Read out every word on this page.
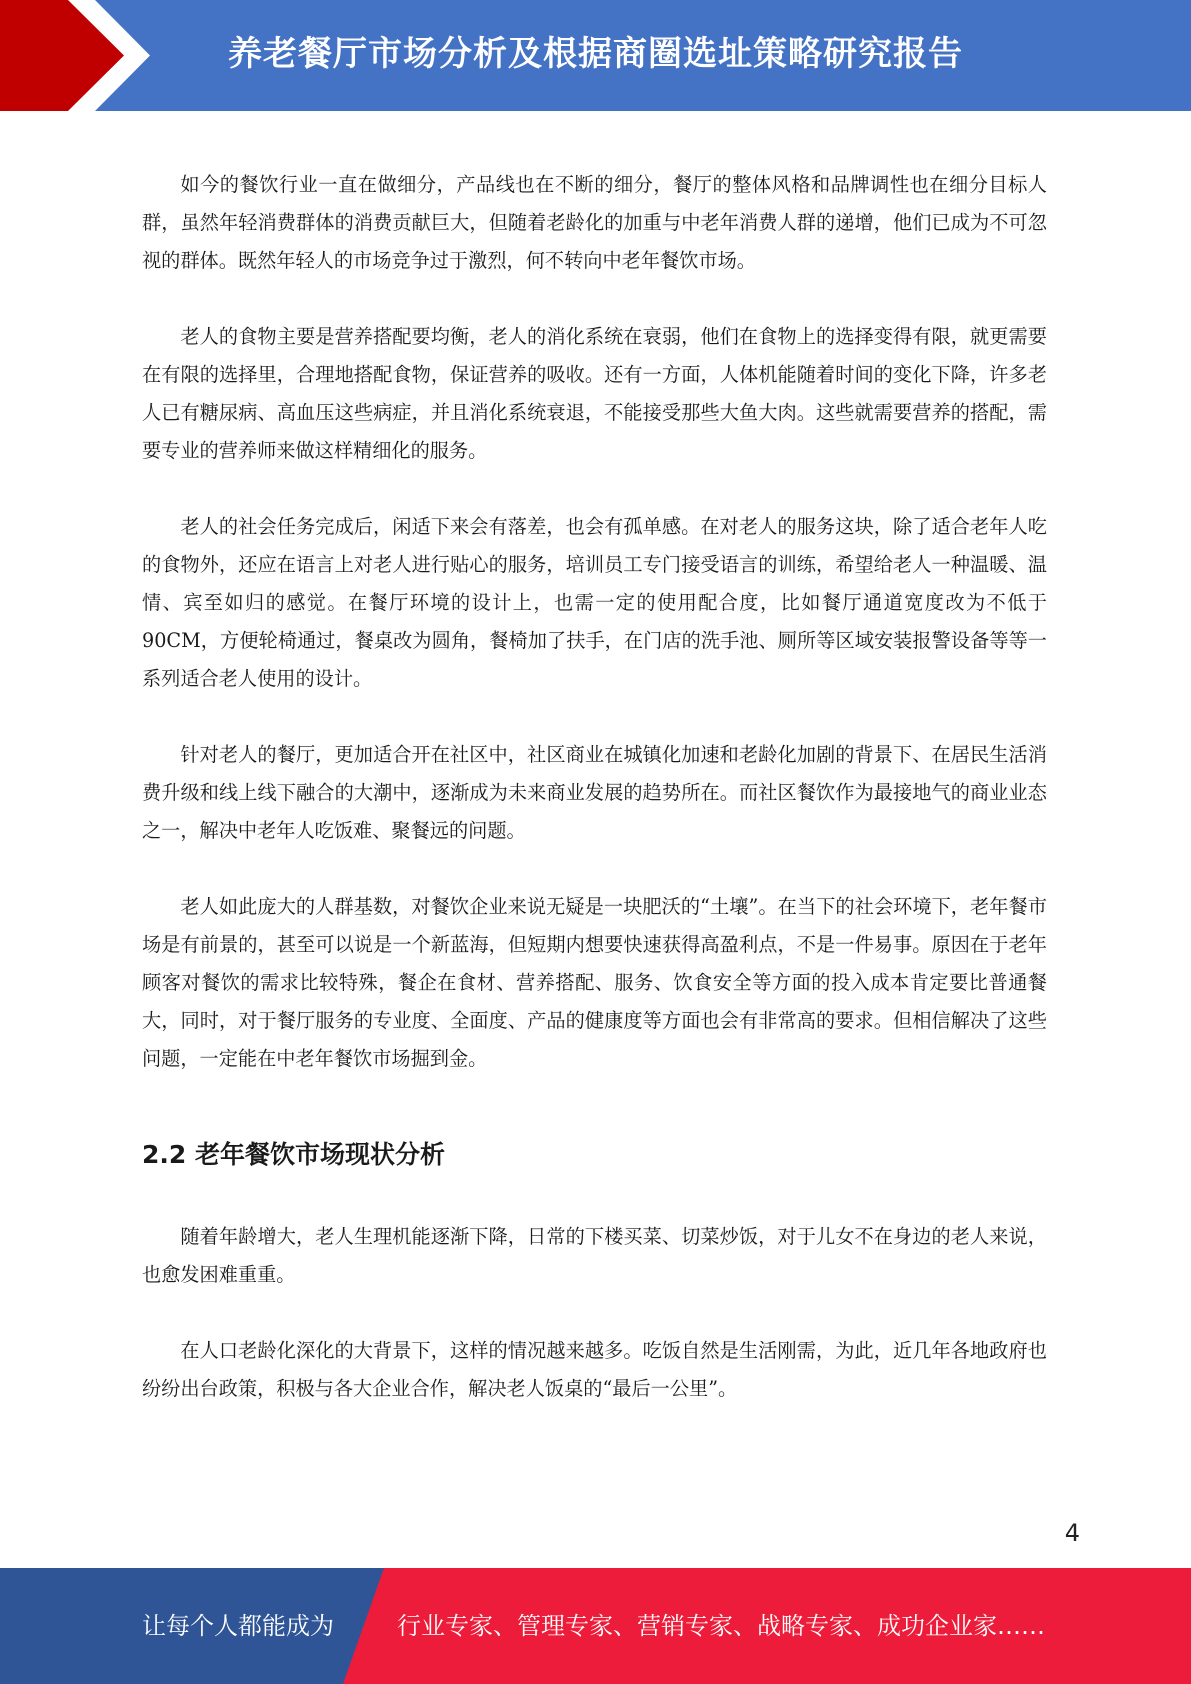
养老餐厅市场分析及根据商圈选址策略研究报告

如今的餐饮行业一直在做细分，产品线也在不断的细分，餐厅的整体风格和品牌调性也在细分目标人群，虽然年轻消费群体的消费贡献巨大，但随着老龄化的加重与中老年消费人群的递增，他们已成为不可忽视的群体。既然年轻人的市场竞争过于激烈，何不转向中老年餐饮市场。

老人的食物主要是营养搭配要均衡，老人的消化系统在衰弱，他们在食物上的选择变得有限，就更需要在有限的选择里，合理地搭配食物，保证营养的吸收。还有一方面，人体机能随着时间的变化下降，许多老人已有糖尿病、高血压这些病症，并且消化系统衰退，不能接受那些大鱼大肉。这些就需要营养的搭配，需要专业的营养师来做这样精细化的服务。

老人的社会任务完成后，闲适下来会有落差，也会有孤单感。在对老人的服务这块，除了适合老年人吃的食物外，还应在语言上对老人进行贴心的服务，培训员工专门接受语言的训练，希望给老人一种温暖、温情、宾至如归的感觉。在餐厅环境的设计上，也需一定的使用配合度，比如餐厅通道宽度改为不低于90CM，方便轮椅通过，餐桌改为圆角，餐椅加了扶手，在门店的洗手池、厕所等区域安装报警设备等等一系列适合老人使用的设计。

针对老人的餐厅，更加适合开在社区中，社区商业在城镇化加速和老龄化加剧的背景下、在居民生活消费升级和线上线下融合的大潮中，逐渐成为未来商业发展的趋势所在。而社区餐饮作为最接地气的商业业态之一，解决中老年人吃饭难、聚餐远的问题。

老人如此庞大的人群基数，对餐饮企业来说无疑是一块肥沃的“土壤”。在当下的社会环境下，老年餐市场是有前景的，甚至可以说是一个新蓝海，但短期内想要快速获得高盈利点，不是一件易事。原因在于老年顾客对餐饮的需求比较特殊，餐企在食材、营养搭配、服务、饮食安全等方面的投入成本肯定要比普通餐大，同时，对于餐厅服务的专业度、全面度、产品的健康度等方面也会有非常高的要求。但相信解决了这些问题，一定能在中老年餐饮市场掘到金。

2.2 老年餐饮市场现状分析

随着年龄增大，老人生理机能逐渐下降，日常的下楼买菜、切菜炒饭，对于儿女不在身边的老人来说，也愈发困难重重。

在人口老龄化深化的大背景下，这样的情况越来越多。吃饭自然是生活刚需，为此，近几年各地政府也纷纷出台政策，积极与各大企业合作，解决老人饭桌的“最后一公里”。

4
让每个人都能成为	行业专家、管理专家、营销专家、战略专家、成功企业家……
